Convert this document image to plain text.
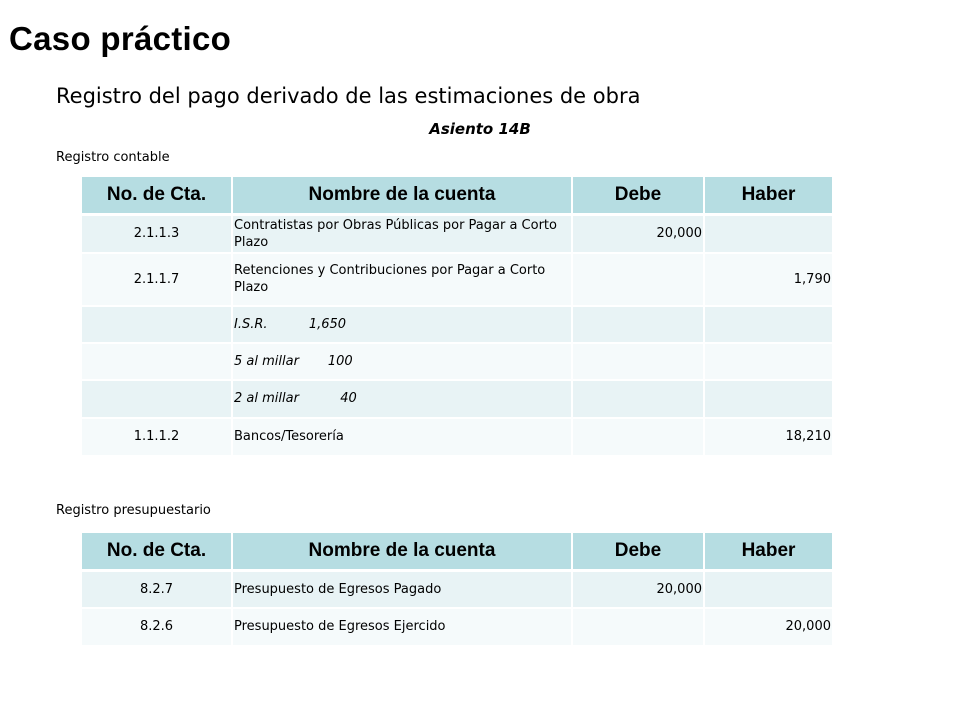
Caso práctico
Registro del pago derivado de las estimaciones de obra
Asiento 14B
Registro contable
No. de Cta.	Nombre de la cuenta	Debe	Haber
2.1.1.3	Contratistas por Obras Públicas por Pagar a Corto Plazo	20,000	
2.1.1.7	Retenciones y Contribuciones por Pagar a Corto Plazo		1,790
	I.S.R.          1,650		
	5 al millar       100		
	2 al millar          40		
1.1.1.2	Bancos/Tesorería		18,210
Registro presupuestario
No. de Cta.	Nombre de la cuenta	Debe	Haber
8.2.7	Presupuesto de Egresos Pagado	20,000	
8.2.6	Presupuesto de Egresos Ejercido		20,000
